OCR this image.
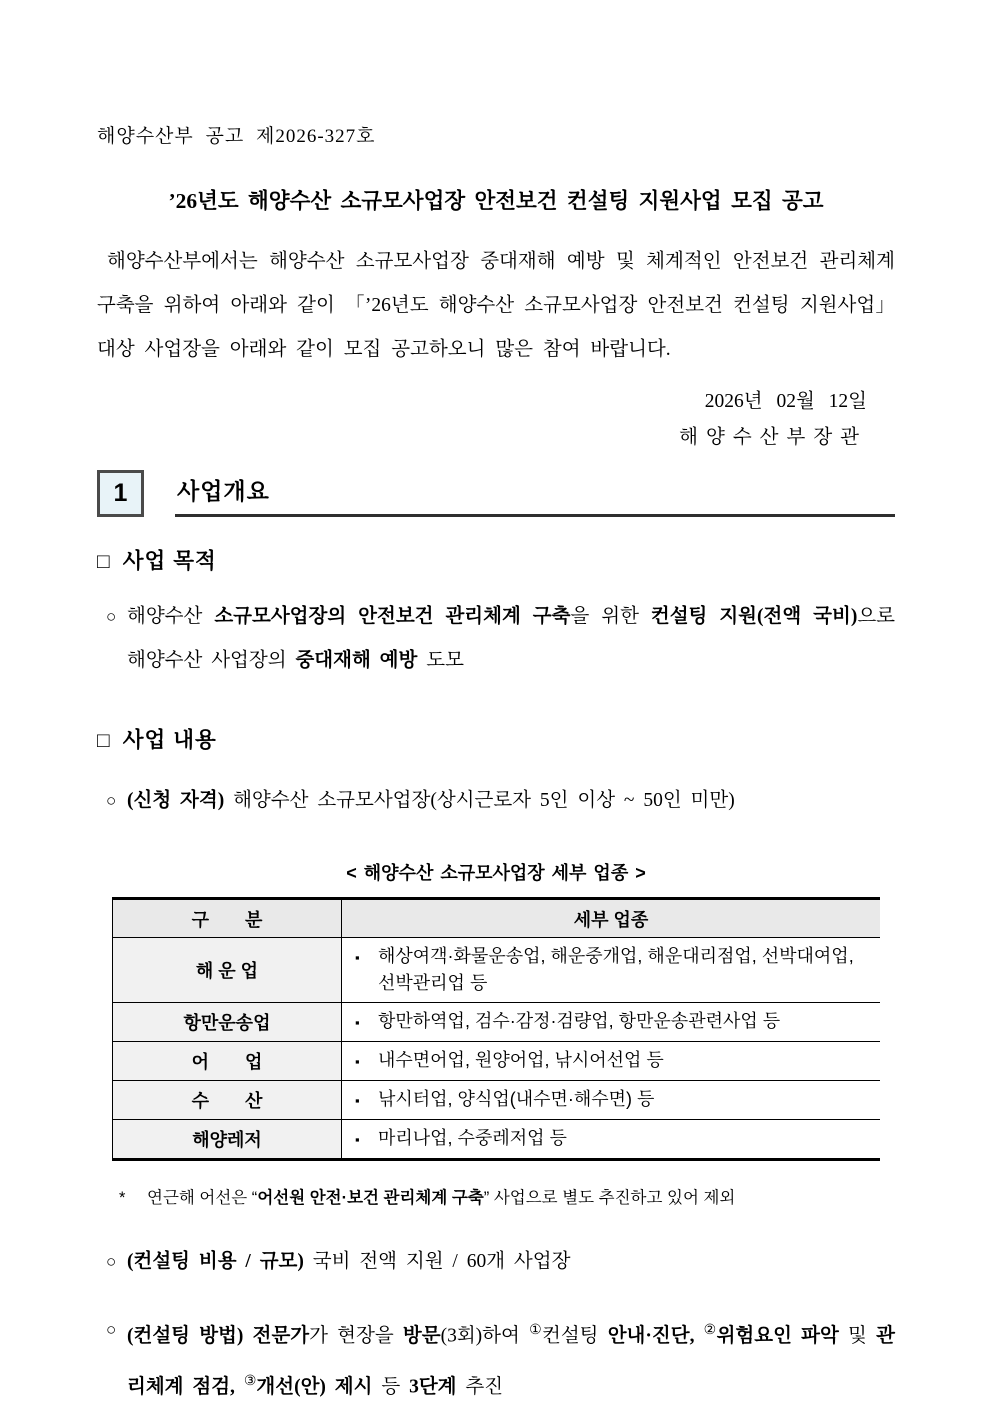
해양수산부 공고 제2026-327호
’26년도 해양수산 소규모사업장 안전보건 컨설팅 지원사업 모집 공고

해양수산부에서는 해양수산 소규모사업장 중대재해 예방 및 체계적인 안전보건 관리체계 구축을 위하여 아래와 같이 「’26년도 해양수산 소규모사업장 안전보건 컨설팅 지원사업」 대상 사업장을 아래와 같이 모집 공고하오니 많은 참여 바랍니다.

2026년 02월 12일
해양수산부장관
1	사업개요
□ 사업 목적
○ 해양수산 소규모사업장의 안전보건 관리체계 구축을 위한 컨설팅 지원(전액 국비)으로 해양수산 사업장의 중대재해 예방 도모
□ 사업 내용
○ (신청 자격) 해양수산 소규모사업장(상시근로자 5인 이상 ~ 50인 미만)
< 해양수산 소규모사업장 세부 업종 >
구　　분	세부 업종
해 운 업	▪ 해상여객·화물운송업, 해운중개업, 해운대리점업, 선박대여업, 선박관리업 등

항만운송업	▪ 항만하역업, 검수·감정·검량업, 항만운송관련사업 등

어　　업	▪ 내수면어업, 원양어업, 낚시어선업 등

수　　산	▪ 낚시터업, 양식업(내수면·해수면) 등

해양레저	▪ 마리나업, 수중레저업 등
*	연근해 어선은 “어선원 안전·보건 관리체계 구축” 사업으로 별도 추진하고 있어 제외
○ (컨설팅 비용 / 규모) 국비 전액 지원 / 60개 사업장
○ (컨설팅 방법) 전문가가 현장을 방문(3회)하여 ①컨설팅 안내·진단, ②위험요인 파악 및 관리체계 점검, ③개선(안) 제시 등 3단계 추진
